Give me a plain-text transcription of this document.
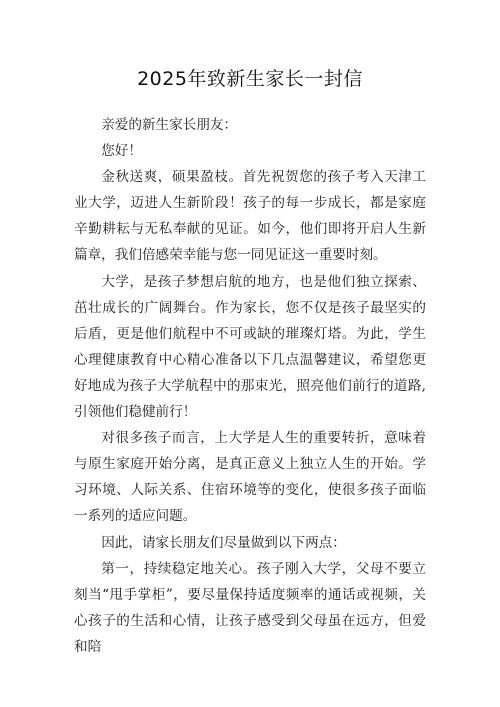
2025年致新生家长一封信

亲爱的新生家长朋友：

您好！

金秋送爽，硕果盈枝。首先祝贺您的孩子考入天津工业大学，迈进人生新阶段！孩子的每一步成长，都是家庭辛勤耕耘与无私奉献的见证。如今，他们即将开启人生新篇章，我们倍感荣幸能与您一同见证这一重要时刻。

大学，是孩子梦想启航的地方，也是他们独立探索、茁壮成长的广阔舞台。作为家长，您不仅是孩子最坚实的后盾，更是他们航程中不可或缺的璀璨灯塔。为此，学生心理健康教育中心精心准备以下几点温馨建议，希望您更好地成为孩子大学航程中的那束光，照亮他们前行的道路,引领他们稳健前行！

对很多孩子而言，上大学是人生的重要转折，意味着与原生家庭开始分离，是真正意义上独立人生的开始。学习环境、人际关系、住宿环境等的变化，使很多孩子面临一系列的适应问题。

因此，请家长朋友们尽量做到以下两点：

第一，持续稳定地关心。孩子刚入大学，父母不要立刻当“甩手掌柜”，要尽量保持适度频率的通话或视频，关心孩子的生活和心情，让孩子感受到父母虽在远方，但爱和陪
